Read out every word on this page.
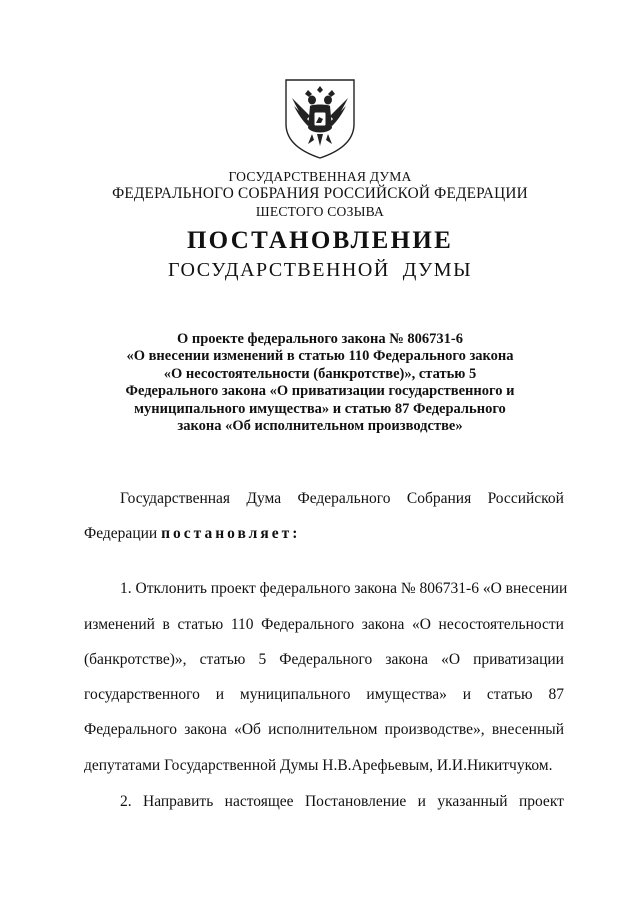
ГОСУДАРСТВЕННАЯ ДУМА
ФЕДЕРАЛЬНОГО СОБРАНИЯ РОССИЙСКОЙ ФЕДЕРАЦИИ
ШЕСТОГО СОЗЫВА
ПОСТАНОВЛЕНИЕ
ГОСУДАРСТВЕННОЙ  ДУМЫ
О проекте федерального закона № 806731-6
«О внесении изменений в статью 110 Федерального закона
«О несостоятельности (банкротстве)», статью 5
Федерального закона «О приватизации государственного и
муниципального имущества» и статью 87 Федерального
закона «Об исполнительном производстве»
Государственная Дума Федерального Собрания Российской
Федерации постановляет:
1. Отклонить проект федерального закона № 806731-6 «О внесении
изменений в статью 110 Федерального закона «О несостоятельности
(банкротстве)», статью 5 Федерального закона «О приватизации
государственного и муниципального имущества» и статью 87
Федерального закона «Об исполнительном производстве», внесенный
депутатами Государственной Думы Н.В.Арефьевым, И.И.Никитчуком.
2. Направить настоящее Постановление и указанный проект
